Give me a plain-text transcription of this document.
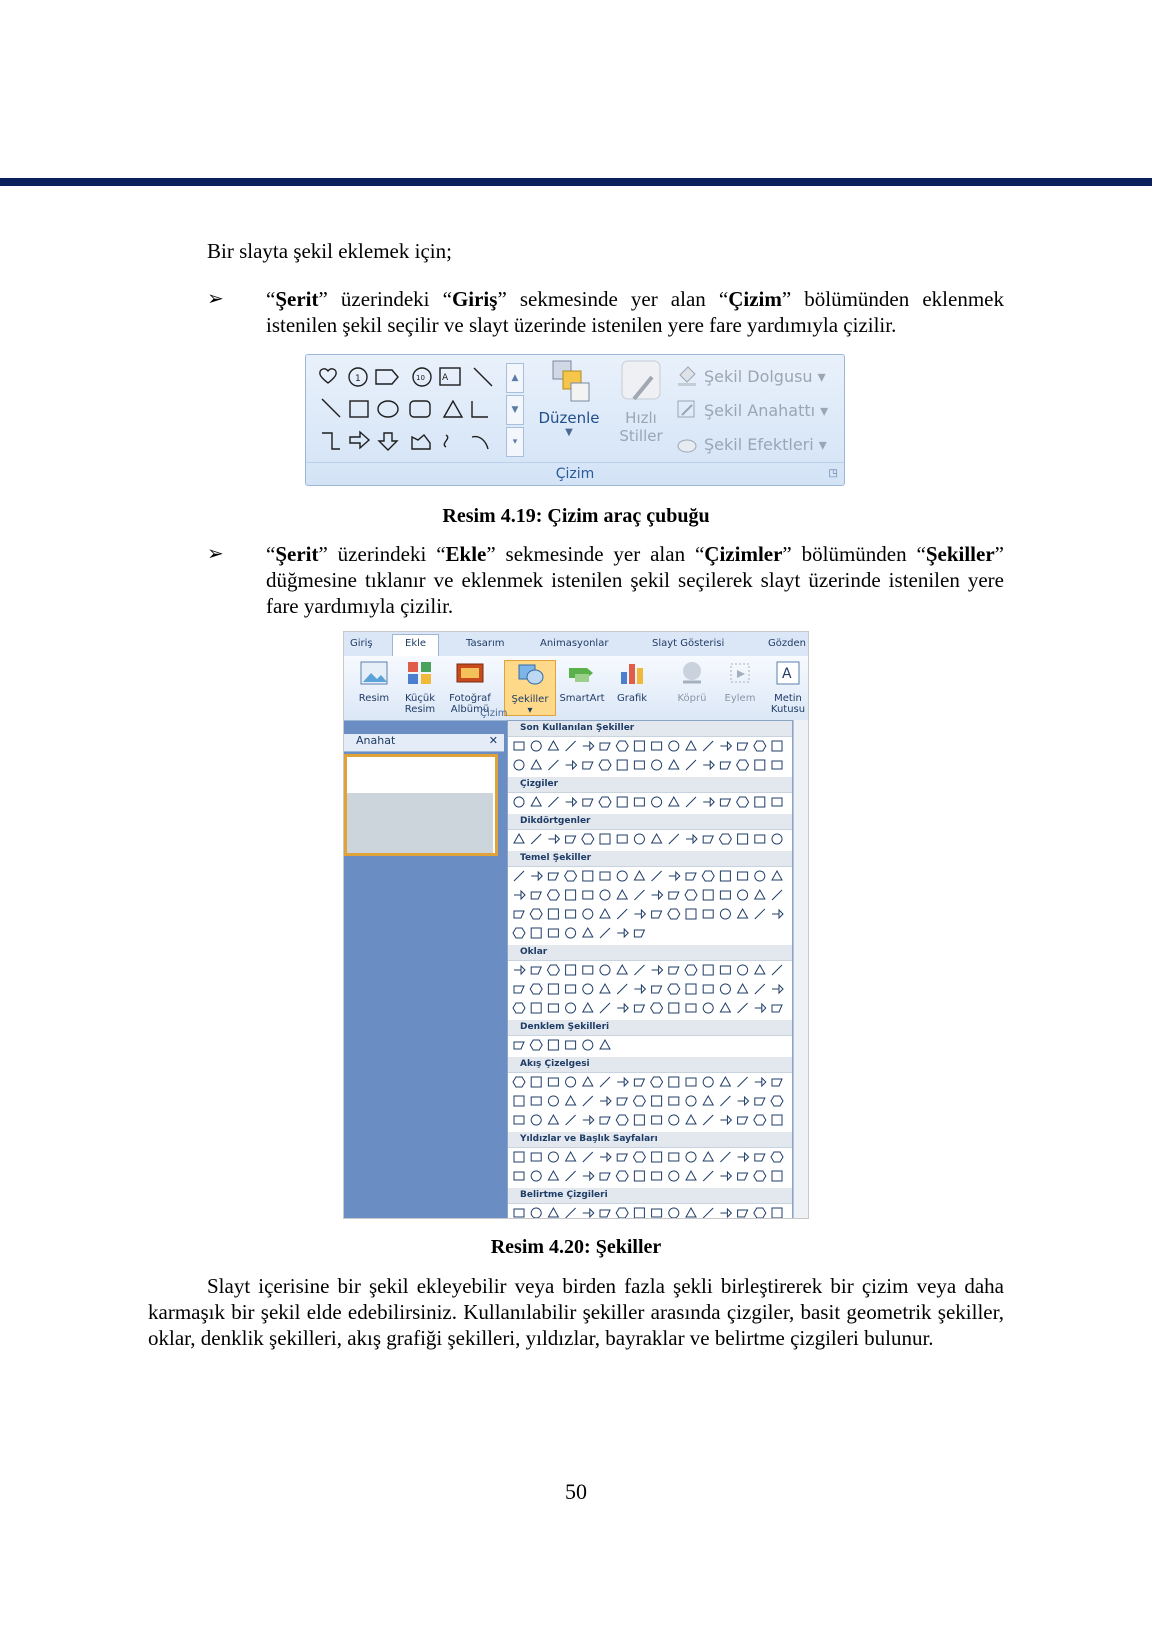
Bir slayta şekil eklemek için;
➢ “Şerit” üzerindeki “Giriş” sekmesinde yer alan “Çizim” bölümünden eklenmek istenilen şekil seçilir ve slayt üzerinde istenilen yere fare yardımıyla çizilir.
1	10 A	▲
▼
▾
Düzenle
▼
Hızlı
Stiller
Şekil Dolgusu ▾
Şekil Anahattı ▾
Şekil Efektleri ▾
Çizim	◳
Resim 4.19: Çizim araç çubuğu
➢ “Şerit” üzerindeki “Ekle” sekmesinde yer alan “Çizimler” bölümünden “Şekiller” düğmesine tıklanır ve eklenmek istenilen şekil seçilerek slayt üzerinde istenilen yere fare yardımıyla çizilir.
Giriş	Ekle	Tasarım	Animasyonlar	Slayt Gösterisi	Gözden
Resim	Küçük
Resim
Fotoğraf
Albümü
Şekiller
▾
SmartArt	Grafik	Köprü	Eylem
A
Metin
Kutusu
Çizim
Anahat	✕
Son Kullanılan Şekiller
Çizgiler
Dikdörtgenler
Temel Şekiller
Oklar
Denklem Şekilleri
Akış Çizelgesi
Yıldızlar ve Başlık Sayfaları
Belirtme Çizgileri
Resim 4.20: Şekiller
Slayt içerisine bir şekil ekleyebilir veya birden fazla şekli birleştirerek bir çizim veya daha karmaşık bir şekil elde edebilirsiniz. Kullanılabilir şekiller arasında çizgiler, basit geometrik şekiller, oklar, denklik şekilleri, akış grafiği şekilleri, yıldızlar, bayraklar ve belirtme çizgileri bulunur.
50
